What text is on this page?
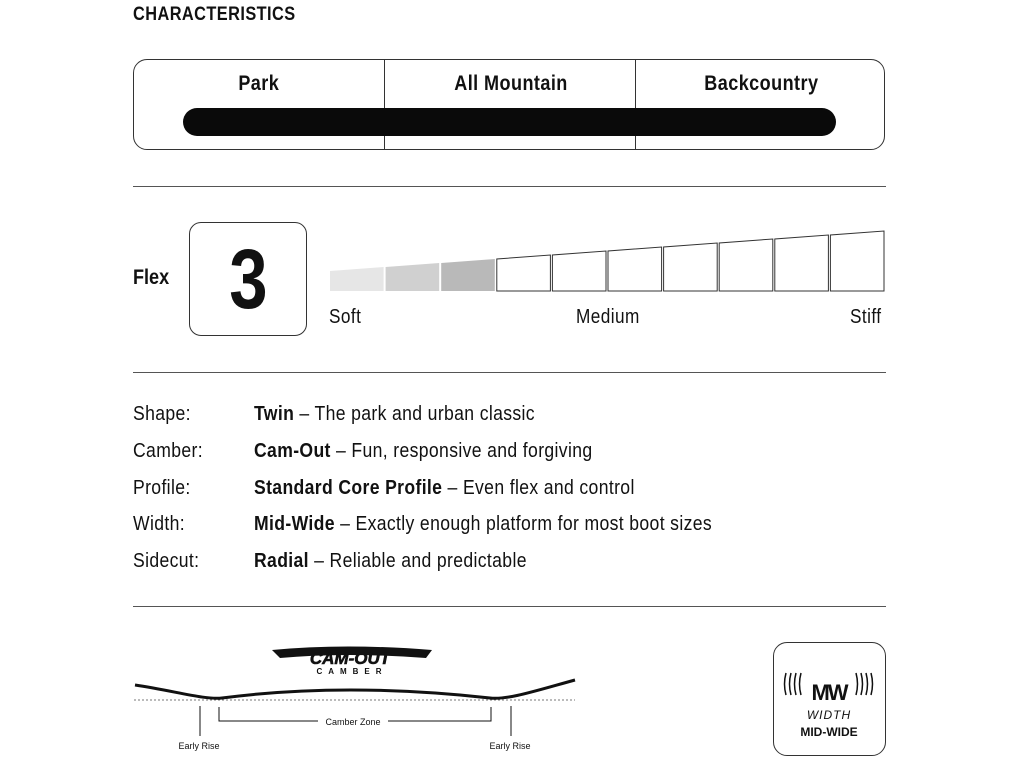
CHARACTERISTICS
Park	All Mountain	Backcountry
Flex 3	Soft	Medium	Stiff
Shape:	Twin – The park and urban classic
Camber:	Cam-Out – Fun, responsive and forgiving
Profile:	Standard Core Profile – Even flex and control
Width:	Mid-Wide – Exactly enough platform for most boot sizes
Sidecut:	Radial – Reliable and predictable
CAM-OUT
CAMBER
Camber Zone
Early Rise	Early Rise
MW
WIDTH
MID-WIDE
